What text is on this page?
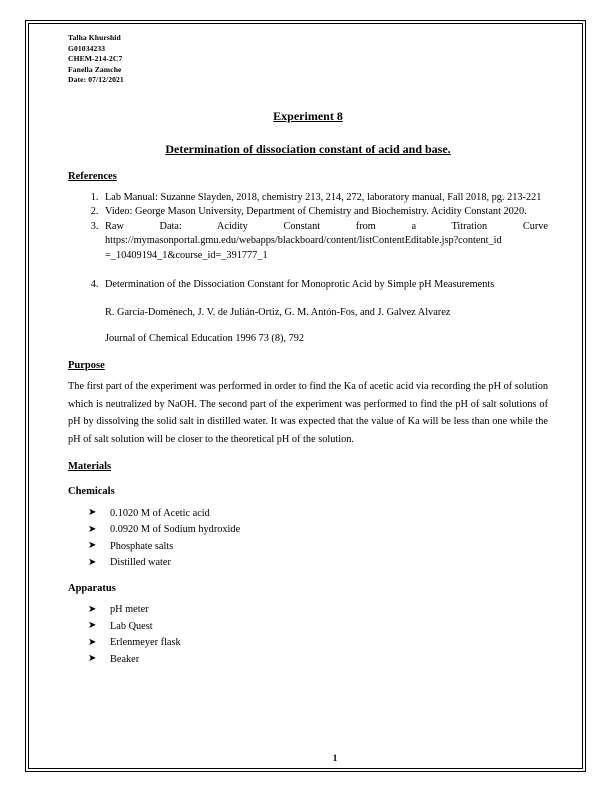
Talha Khurshid
G01034233
CHEM-214-2C7
Fanella Zamche
Date: 07/12/2021
Experiment 8
Determination of dissociation constant of acid and base.
References
1. Lab Manual: Suzanne Slayden, 2018, chemistry 213, 214, 272, laboratory manual, Fall 2018, pg. 213-221
2. Video: George Mason University, Department of Chemistry and Biochemistry. Acidity Constant 2020.
3. Raw Data: Acidity Constant from a Titration Curve https://mymasonportal.gmu.edu/webapps/blackboard/content/listContentEditable.jsp?content_id =_10409194_1&course_id=_391777_1
4. Determination of the Dissociation Constant for Monoprotic Acid by Simple pH Measurements
R. García-Doménech, J. V. de Julián-Ortiz, G. M. Antón-Fos, and J. Galvez Alvarez
Journal of Chemical Education 1996 73 (8), 792
Purpose

The first part of the experiment was performed in order to find the Ka of acetic acid via recording the pH of solution which is neutralized by NaOH. The second part of the experiment was performed to find the pH of salt solutions of pH by dissolving the solid salt in distilled water. It was expected that the value of Ka will be less than one while the pH of salt solution will be closer to the theoretical pH of the solution.

Materials
Chemicals
➤ 0.1020 M of Acetic acid
➤ 0.0920 M of Sodium hydroxide
➤ Phosphate salts
➤ Distilled water
Apparatus
➤ pH meter
➤ Lab Quest
➤ Erlenmeyer flask
➤ Beaker
1
